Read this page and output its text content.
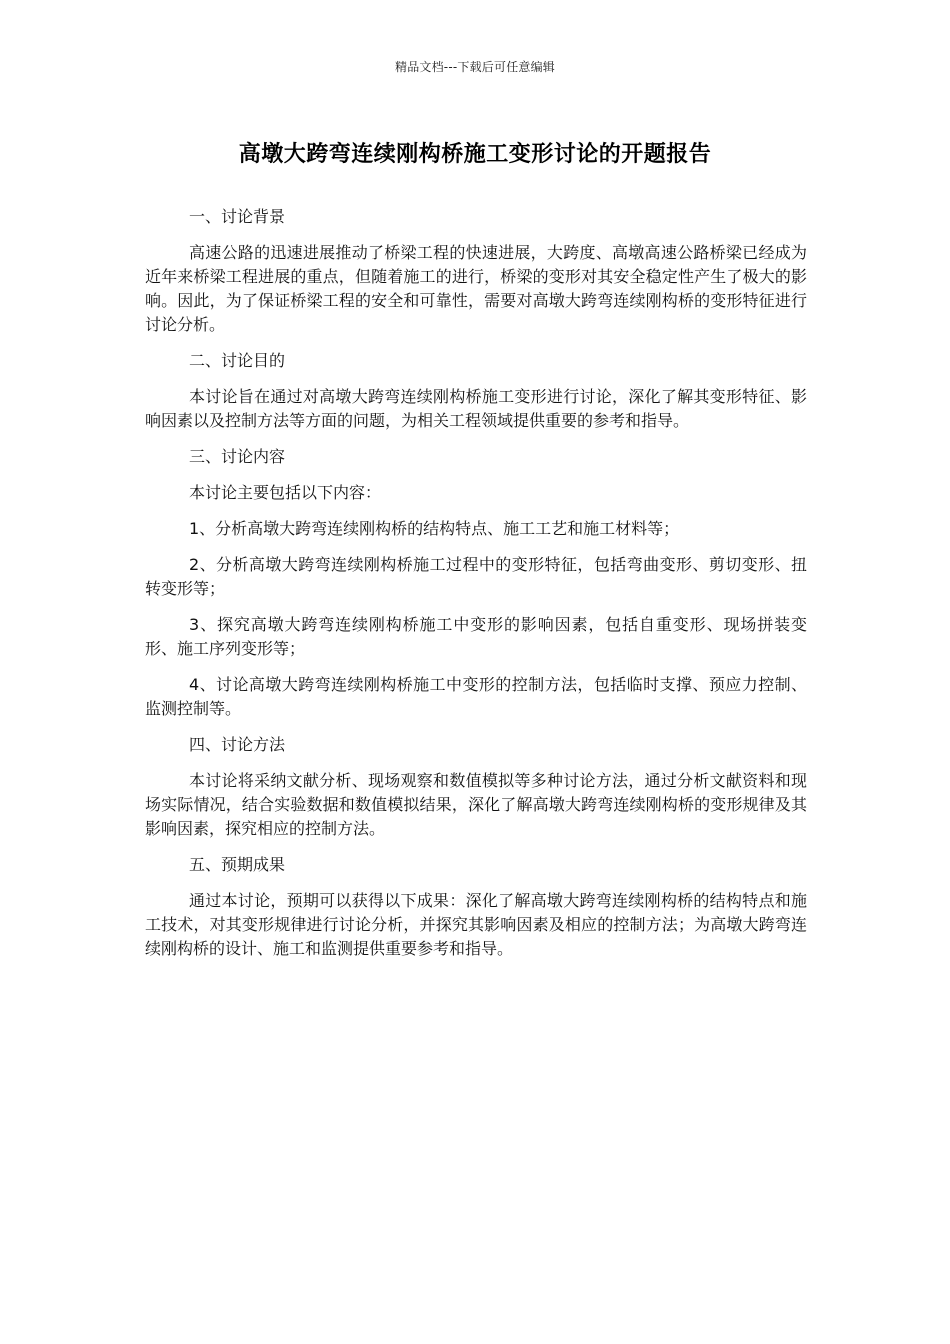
精品文档---下载后可任意编辑
高墩大跨弯连续刚构桥施工变形讨论的开题报告

一、讨论背景

高速公路的迅速进展推动了桥梁工程的快速进展，大跨度、高墩高速公路桥梁已经成为近年来桥梁工程进展的重点，但随着施工的进行，桥梁的变形对其安全稳定性产生了极大的影响。因此，为了保证桥梁工程的安全和可靠性，需要对高墩大跨弯连续刚构桥的变形特征进行讨论分析。

二、讨论目的

本讨论旨在通过对高墩大跨弯连续刚构桥施工变形进行讨论，深化了解其变形特征、影响因素以及控制方法等方面的问题，为相关工程领域提供重要的参考和指导。

三、讨论内容

本讨论主要包括以下内容：

1、分析高墩大跨弯连续刚构桥的结构特点、施工工艺和施工材料等；

2、分析高墩大跨弯连续刚构桥施工过程中的变形特征，包括弯曲变形、剪切变形、扭转变形等；

3、探究高墩大跨弯连续刚构桥施工中变形的影响因素，包括自重变形、现场拼装变形、施工序列变形等；

4、讨论高墩大跨弯连续刚构桥施工中变形的控制方法，包括临时支撑、预应力控制、监测控制等。

四、讨论方法

本讨论将采纳文献分析、现场观察和数值模拟等多种讨论方法，通过分析文献资料和现场实际情况，结合实验数据和数值模拟结果，深化了解高墩大跨弯连续刚构桥的变形规律及其影响因素，探究相应的控制方法。

五、预期成果

通过本讨论，预期可以获得以下成果：深化了解高墩大跨弯连续刚构桥的结构特点和施工技术，对其变形规律进行讨论分析，并探究其影响因素及相应的控制方法；为高墩大跨弯连续刚构桥的设计、施工和监测提供重要参考和指导。
